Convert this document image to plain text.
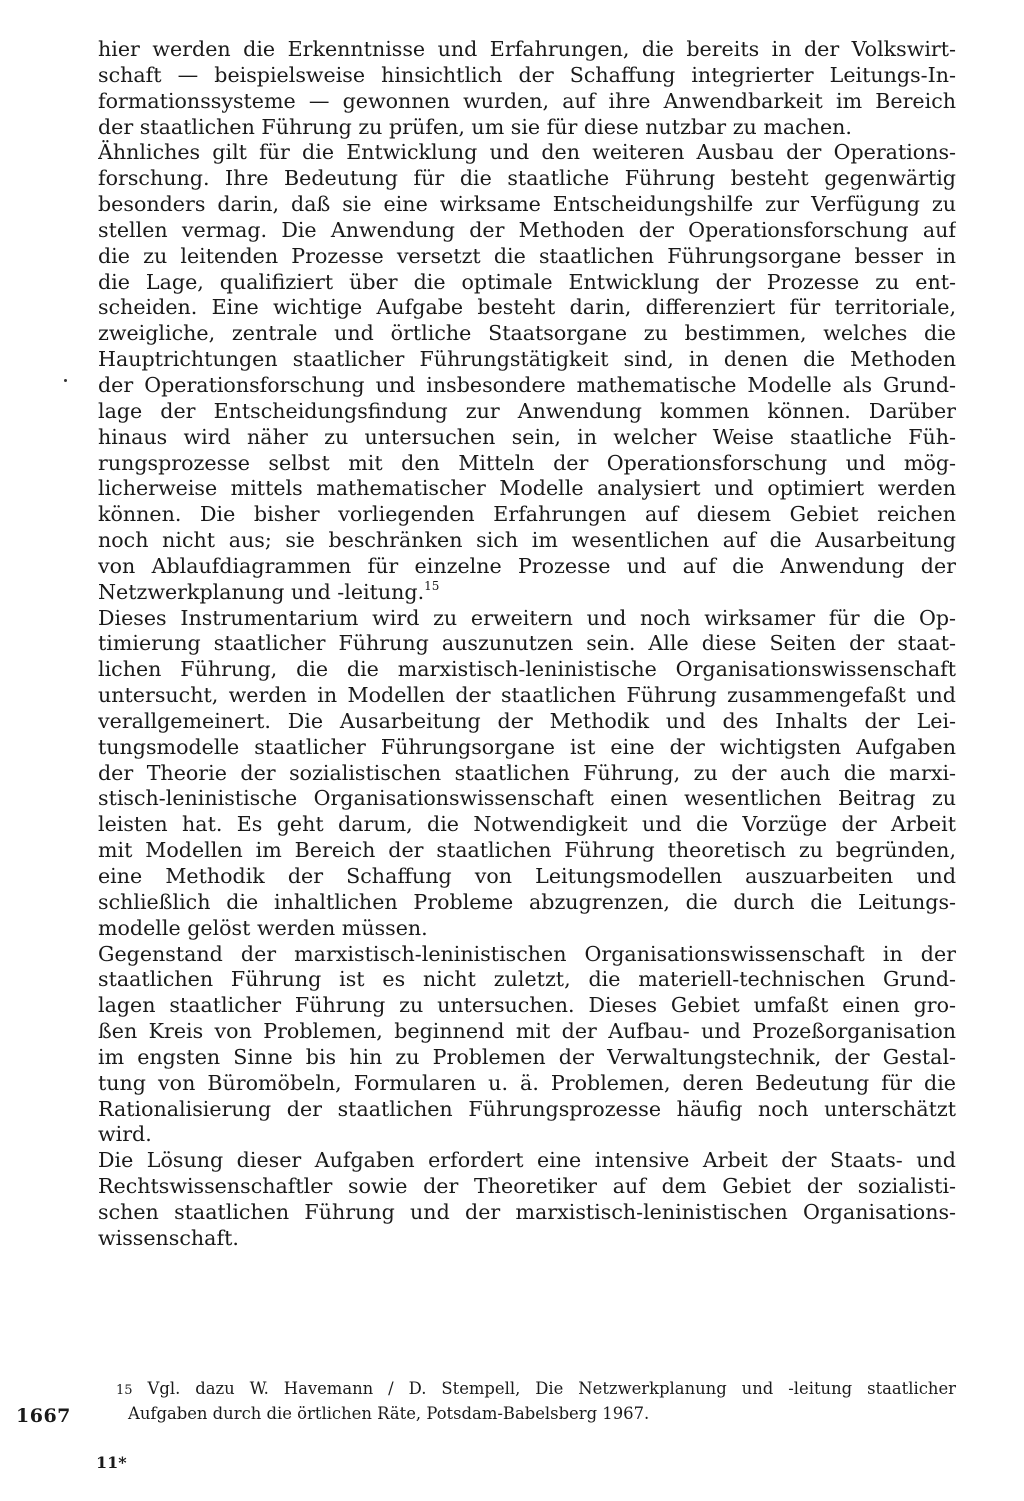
hier werden die Erkenntnisse und Erfahrungen, die bereits in der Volkswirt-
schaft — beispielsweise hinsichtlich der Schaffung integrierter Leitungs-In-
formationssysteme — gewonnen wurden, auf ihre Anwendbarkeit im Bereich
der staatlichen Führung zu prüfen, um sie für diese nutzbar zu machen.
Ähnliches gilt für die Entwicklung und den weiteren Ausbau der Operations-
forschung. Ihre Bedeutung für die staatliche Führung besteht gegenwärtig
besonders darin, daß sie eine wirksame Entscheidungshilfe zur Verfügung zu
stellen vermag. Die Anwendung der Methoden der Operationsforschung auf
die zu leitenden Prozesse versetzt die staatlichen Führungsorgane besser in
die Lage, qualifiziert über die optimale Entwicklung der Prozesse zu ent-
scheiden. Eine wichtige Aufgabe besteht darin, differenziert für territoriale,
zweigliche, zentrale und örtliche Staatsorgane zu bestimmen, welches die
Hauptrichtungen staatlicher Führungstätigkeit sind, in denen die Methoden
der Operationsforschung und insbesondere mathematische Modelle als Grund-
lage der Entscheidungsfindung zur Anwendung kommen können. Darüber
hinaus wird näher zu untersuchen sein, in welcher Weise staatliche Füh-
rungsprozesse selbst mit den Mitteln der Operationsforschung und mög-
licherweise mittels mathematischer Modelle analysiert und optimiert werden
können. Die bisher vorliegenden Erfahrungen auf diesem Gebiet reichen
noch nicht aus; sie beschränken sich im wesentlichen auf die Ausarbeitung
von Ablaufdiagrammen für einzelne Prozesse und auf die Anwendung der
Netzwerkplanung und -leitung.$^{15}$
Dieses Instrumentarium wird zu erweitern und noch wirksamer für die Op-
timierung staatlicher Führung auszunutzen sein. Alle diese Seiten der staat-
lichen Führung, die die marxistisch-leninistische Organisationswissenschaft
untersucht, werden in Modellen der staatlichen Führung zusammengefaßt und
verallgemeinert. Die Ausarbeitung der Methodik und des Inhalts der Lei-
tungsmodelle staatlicher Führungsorgane ist eine der wichtigsten Aufgaben
der Theorie der sozialistischen staatlichen Führung, zu der auch die marxi-
stisch-leninistische Organisationswissenschaft einen wesentlichen Beitrag zu
leisten hat. Es geht darum, die Notwendigkeit und die Vorzüge der Arbeit
mit Modellen im Bereich der staatlichen Führung theoretisch zu begründen,
eine Methodik der Schaffung von Leitungsmodellen auszuarbeiten und
schließlich die inhaltlichen Probleme abzugrenzen, die durch die Leitungs-
modelle gelöst werden müssen.
Gegenstand der marxistisch-leninistischen Organisationswissenschaft in der
staatlichen Führung ist es nicht zuletzt, die materiell-technischen Grund-
lagen staatlicher Führung zu untersuchen. Dieses Gebiet umfaßt einen gro-
ßen Kreis von Problemen, beginnend mit der Aufbau- und Prozeßorganisation
im engsten Sinne bis hin zu Problemen der Verwaltungstechnik, der Gestal-
tung von Büromöbeln, Formularen u. ä. Problemen, deren Bedeutung für die
Rationalisierung der staatlichen Führungsprozesse häufig noch unterschätzt
wird.
Die Lösung dieser Aufgaben erfordert eine intensive Arbeit der Staats- und
Rechtswissenschaftler sowie der Theoretiker auf dem Gebiet der sozialisti-
schen staatlichen Führung und der marxistisch-leninistischen Organisations-
wissenschaft.
15 Vgl. dazu W. Havemann / D. Stempell, Die Netzwerkplanung und -leitung staatlicher
Aufgaben durch die örtlichen Räte, Potsdam-Babelsberg 1967.
1667
11*
